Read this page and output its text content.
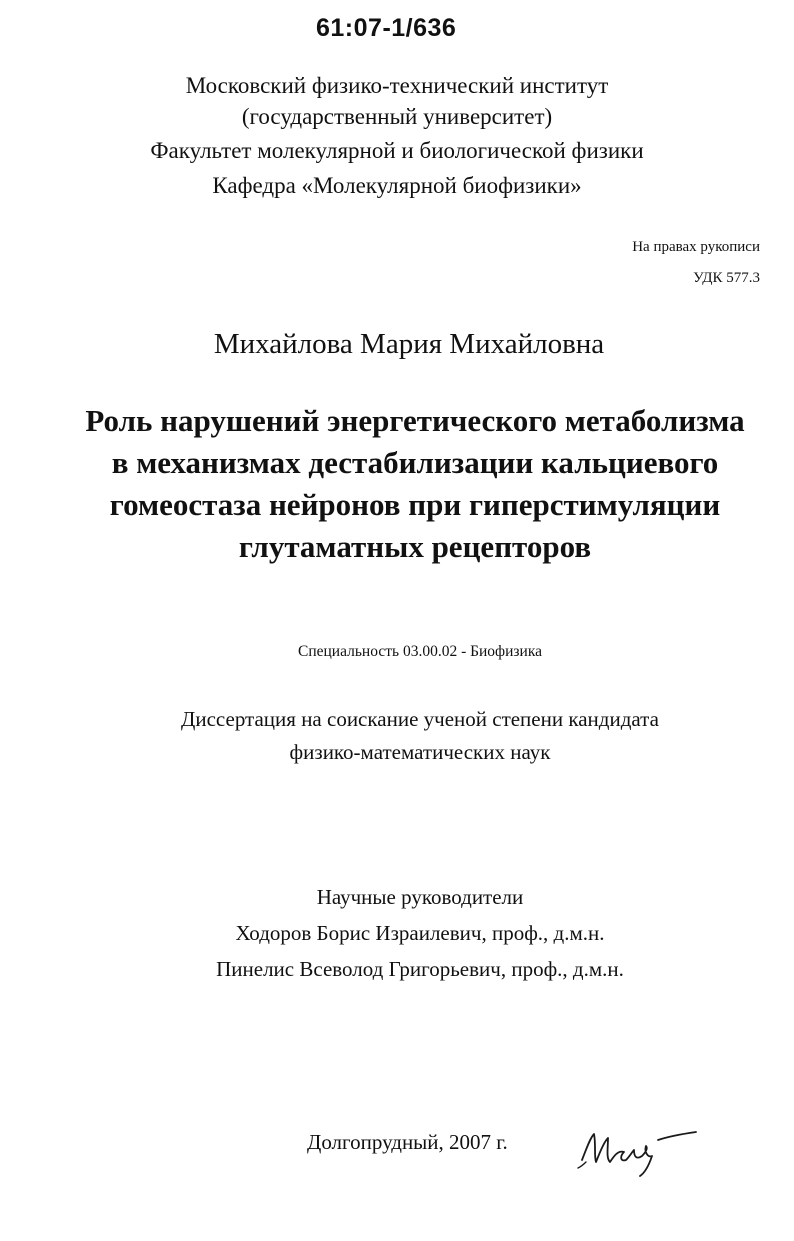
61:07-1/636
Московский физико-технический институт
(государственный университет)
Факультет молекулярной и биологической физики
Кафедра «Молекулярной биофизики»
На правах рукописи
УДК 577.3
Михайлова Мария Михайловна
Роль нарушений энергетического метаболизма
в механизмах дестабилизации кальциевого
гомеостаза нейронов при гиперстимуляции
глутаматных рецепторов
Специальность 03.00.02 - Биофизика
Диссертация на соискание ученой степени кандидата
физико-математических наук
Научные руководители
Ходоров Борис Израилевич, проф., д.м.н.
Пинелис Всеволод Григорьевич, проф., д.м.н.
Долгопрудный, 2007 г.
